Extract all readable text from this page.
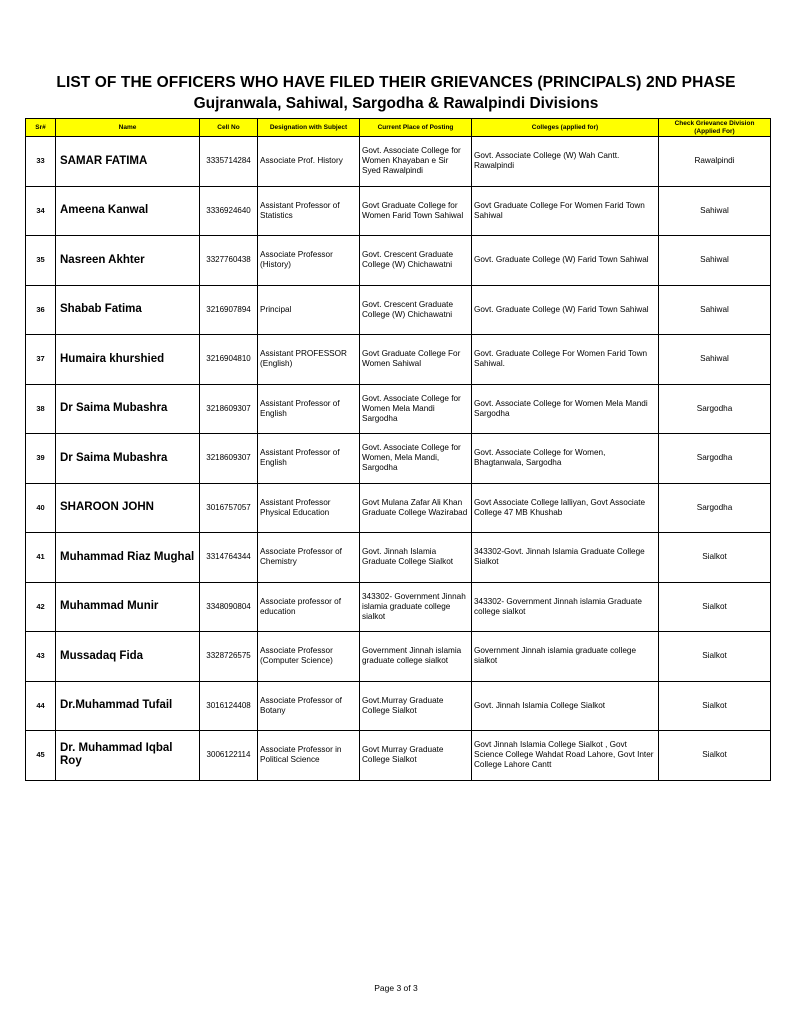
LIST OF THE OFFICERS WHO HAVE FILED THEIR GRIEVANCES (PRINCIPALS) 2ND PHASE
Gujranwala, Sahiwal, Sargodha & Rawalpindi Divisions
Sr#	Name	Cell No	Designation with Subject	Current Place of Posting	Colleges (applied for)	Check Grievance Division (Applied For)
33	SAMAR FATIMA	3335714284	Associate Prof. History	Govt. Associate College for Women Khayaban e Sir Syed Rawalpindi	Govt. Associate College (W) Wah Cantt. Rawalpindi	Rawalpindi
34	Ameena Kanwal	3336924640	Assistant Professor of Statistics	Govt Graduate College for Women Farid Town Sahiwal	Govt Graduate College For Women Farid Town Sahiwal	Sahiwal
35	Nasreen Akhter	3327760438	Associate Professor (History)	Govt. Crescent Graduate College (W) Chichawatni	Govt. Graduate College (W) Farid Town Sahiwal	Sahiwal
36	Shabab Fatima	3216907894	Principal	Govt. Crescent Graduate College (W) Chichawatni	Govt. Graduate College (W) Farid Town Sahiwal	Sahiwal
37	Humaira khurshied	3216904810	Assistant PROFESSOR (English)	Govt Graduate College For Women Sahiwal	Govt. Graduate College For Women Farid Town Sahiwal.	Sahiwal
38	Dr Saima Mubashra	3218609307	Assistant Professor of English	Govt. Associate College for Women Mela Mandi Sargodha	Govt. Associate College for Women Mela Mandi Sargodha	Sargodha
39	Dr Saima Mubashra	3218609307	Assistant Professor of English	Govt. Associate College for Women, Mela Mandi, Sargodha	Govt. Associate College for Women, Bhagtanwala, Sargodha	Sargodha
40	SHAROON JOHN	3016757057	Assistant Professor Physical Education	Govt Mulana Zafar Ali Khan Graduate College Wazirabad	Govt Associate College lalliyan, Govt Associate College 47 MB Khushab	Sargodha
41	Muhammad Riaz Mughal	3314764344	Associate Professor of Chemistry	Govt. Jinnah Islamia Graduate College Sialkot	343302-Govt. Jinnah Islamia Graduate College Sialkot	Sialkot
42	Muhammad Munir	3348090804	Associate professor of education	343302- Government Jinnah islamia graduate college sialkot	343302- Government Jinnah islamia Graduate college sialkot	Sialkot
43	Mussadaq Fida	3328726575	Associate Professor (Computer Science)	Government Jinnah islamia graduate college sialkot	Government Jinnah islamia graduate college sialkot	Sialkot
44	Dr.Muhammad Tufail	3016124408	Associate Professor of Botany	Govt.Murray Graduate College Sialkot	Govt. Jinnah Islamia College Sialkot	Sialkot
45	Dr. Muhammad Iqbal Roy	3006122114	Associate Professor in Political Science	Govt Murray Graduate College Sialkot	Govt Jinnah Islamia College Sialkot , Govt Science College Wahdat Road Lahore, Govt Inter College Lahore Cantt	Sialkot
Page 3 of 3
